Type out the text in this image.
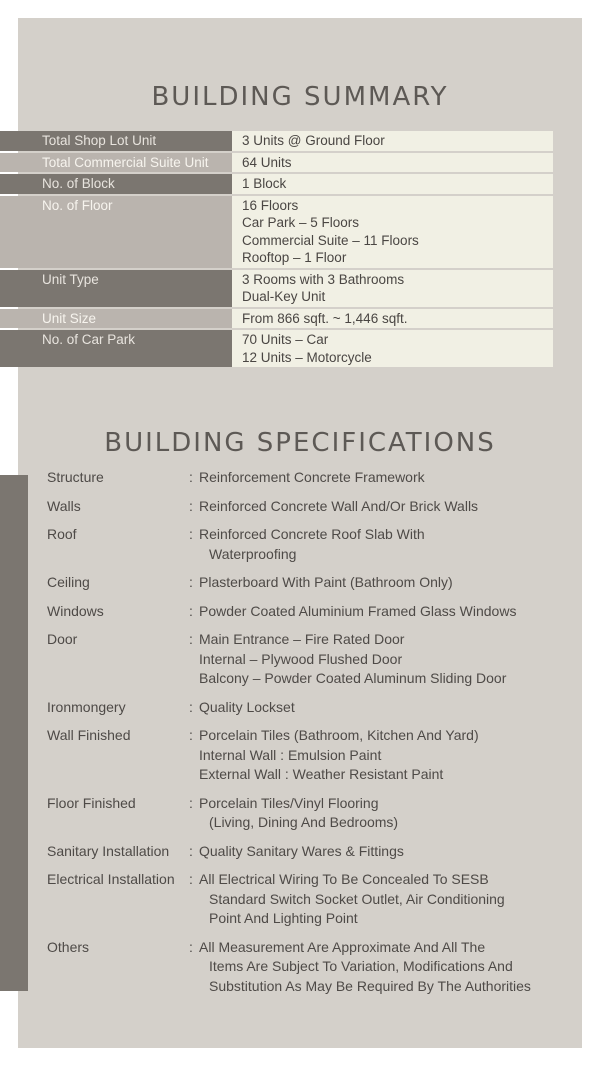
BUILDING SUMMARY
Total Shop Lot Unit	3 Units @ Ground Floor
Total Commercial Suite Unit	64 Units
No. of Block	1 Block
No. of Floor	16 Floors
Car Park – 5 Floors
Commercial Suite – 11 Floors
Rooftop – 1 Floor
Unit Type	3 Rooms with 3 Bathrooms
Dual-Key Unit
Unit Size	From 866 sqft. ~ 1,446 sqft.
No. of Car Park	70 Units – Car
12 Units – Motorcycle
BUILDING SPECIFICATIONS
Structure	: Reinforcement Concrete Framework
Walls	: Reinforced Concrete Wall And/Or Brick Walls
Roof	: Reinforced Concrete Roof Slab With
Waterproofing
Ceiling	: Plasterboard With Paint (Bathroom Only)
Windows	: Powder Coated Aluminium Framed Glass Windows
Door	: Main Entrance – Fire Rated Door
Internal – Plywood Flushed Door
Balcony – Powder Coated Aluminum Sliding Door
Ironmongery	: Quality Lockset
Wall Finished	: Porcelain Tiles (Bathroom, Kitchen And Yard)
Internal Wall : Emulsion Paint
External Wall : Weather Resistant Paint
Floor Finished	: Porcelain Tiles/Vinyl Flooring
(Living, Dining And Bedrooms)
Sanitary Installation	: Quality Sanitary Wares & Fittings
Electrical Installation	: All Electrical Wiring To Be Concealed To SESB
Standard Switch Socket Outlet, Air Conditioning
Point And Lighting Point
Others	: All Measurement Are Approximate And All The
Items Are Subject To Variation, Modifications And
Substitution As May Be Required By The Authorities
